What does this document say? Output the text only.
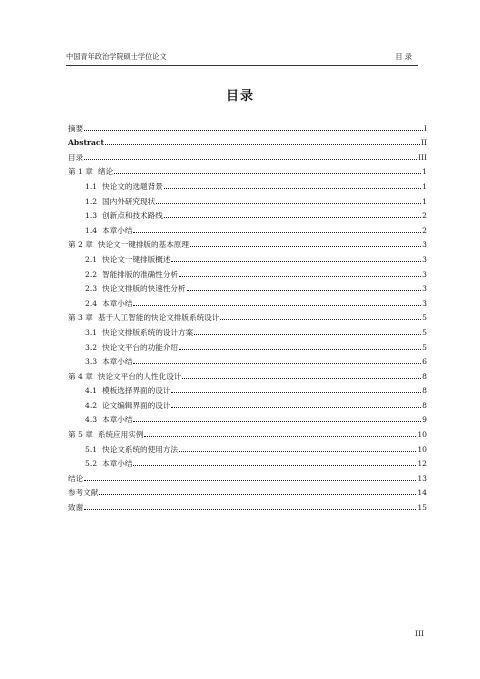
中国青年政治学院硕士学位论文	目 录
目录
摘要	I
Abstract	II
目录	III
第 1 章 绪论	1
1.1 快论文的选题背景	1
1.2 国内外研究现状	1
1.3 创新点和技术路线	2
1.4 本章小结	2
第 2 章 快论文一键排版的基本原理	3
2.1 快论文一键排版概述	3
2.2 智能排版的准确性分析	3
2.3 快论文排版的快速性分析	3
2.4 本章小结	3
第 3 章 基于人工智能的快论文排版系统设计	5
3.1 快论文排版系统的设计方案	5
3.2 快论文平台的功能介绍	5
3.3 本章小结	6
第 4 章 快论文平台的人性化设计	8
4.1 模板选择界面的设计	8
4.2 论文编辑界面的设计	8
4.3 本章小结	9
第 5 章 系统应用实例	10
5.1 快论文系统的使用方法	10
5.2 本章小结	12
结论	13
参考文献	14
致谢	15
III
